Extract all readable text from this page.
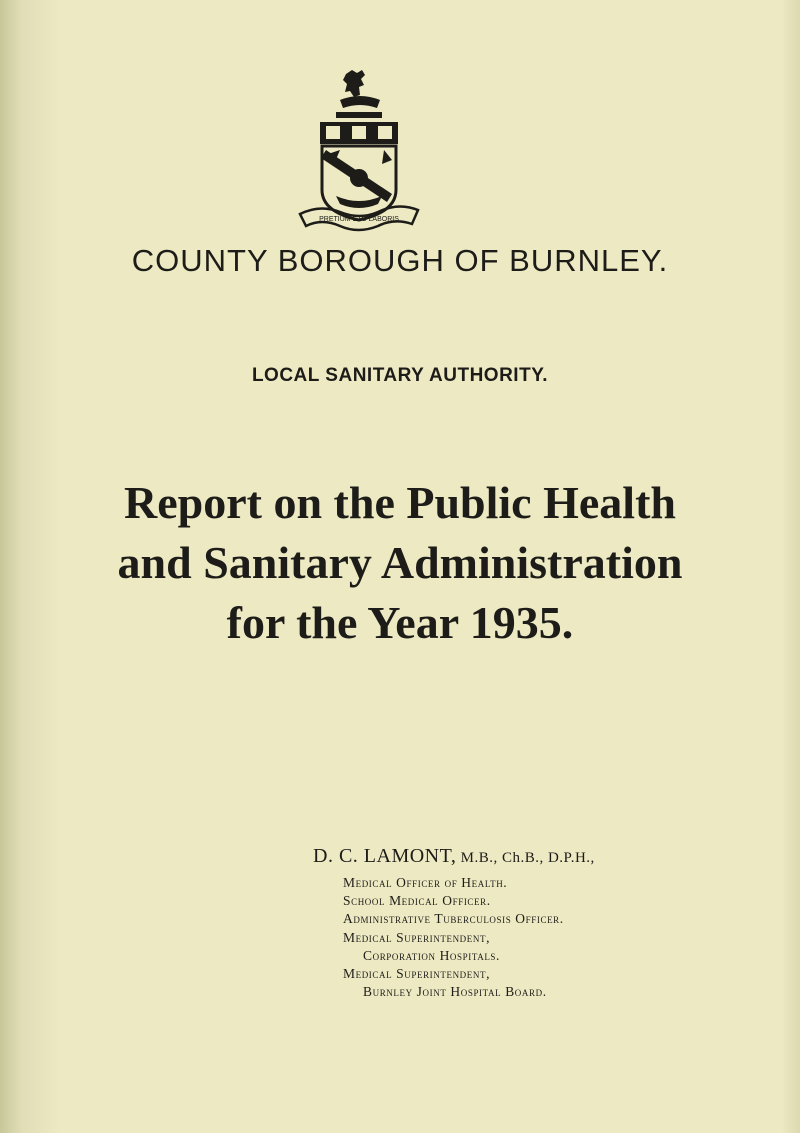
PRETIUM ETC LABORIS
COUNTY BOROUGH OF BURNLEY.
LOCAL SANITARY AUTHORITY.
Report on the Public Health
and Sanitary Administration
for the Year 1935.
D. C. LAMONT, M.B., Ch.B., D.P.H.,
Medical Officer of Health.
School Medical Officer.
Administrative Tuberculosis Officer.
Medical Superintendent,
Corporation Hospitals.
Medical Superintendent,
Burnley Joint Hospital Board.
